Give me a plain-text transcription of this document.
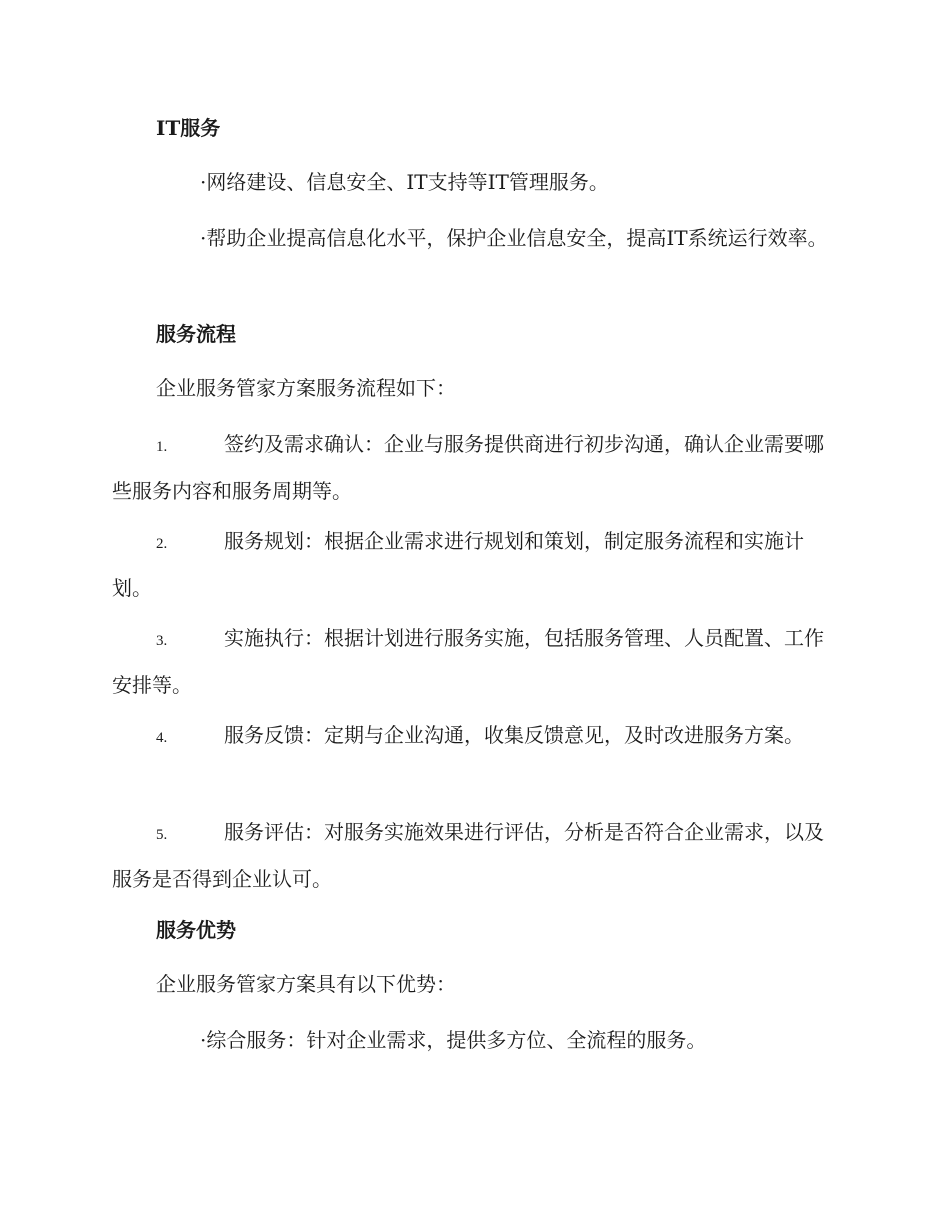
IT服务

·网络建设、信息安全、IT支持等IT管理服务。

·帮助企业提高信息化水平，保护企业信息安全，提高IT系统运行效率。

服务流程

企业服务管家方案服务流程如下：

1.	签约及需求确认：企业与服务提供商进行初步沟通，确认企业需要哪些服务内容和服务周期等。

2.	服务规划：根据企业需求进行规划和策划，制定服务流程和实施计划。

3.	实施执行：根据计划进行服务实施，包括服务管理、人员配置、工作安排等。

4.	服务反馈：定期与企业沟通，收集反馈意见，及时改进服务方案。

5.	服务评估：对服务实施效果进行评估，分析是否符合企业需求，以及服务是否得到企业认可。

服务优势

企业服务管家方案具有以下优势：

·综合服务：针对企业需求，提供多方位、全流程的服务。
